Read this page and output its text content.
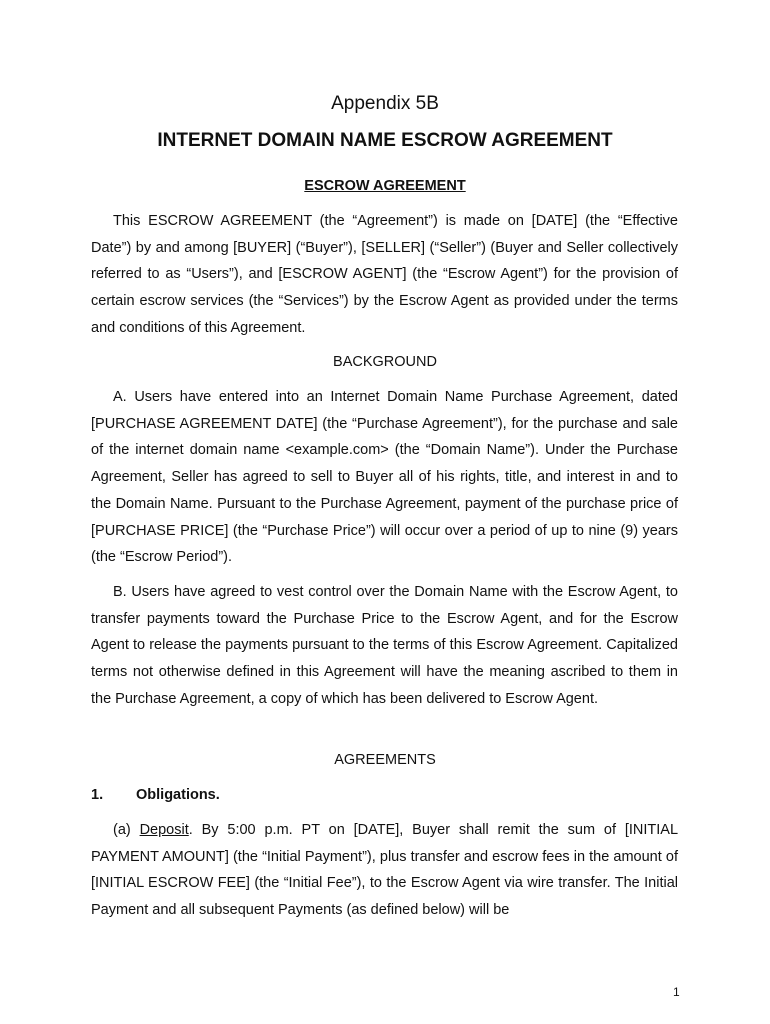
Appendix 5B
INTERNET DOMAIN NAME ESCROW AGREEMENT
ESCROW AGREEMENT

This ESCROW AGREEMENT (the “Agreement”) is made on [DATE] (the “Effective Date”) by and among [BUYER] (“Buyer”), [SELLER] (“Seller”) (Buyer and Seller collectively referred to as “Users”), and [ESCROW AGENT] (the “Escrow Agent”) for the provision of certain escrow services (the “Services”) by the Escrow Agent as provided under the terms and conditions of this Agreement.

BACKGROUND

A. Users have entered into an Internet Domain Name Purchase Agreement, dated [PURCHASE AGREEMENT DATE] (the “Purchase Agreement”), for the purchase and sale of the internet domain name <example.com> (the “Domain Name”). Under the Purchase Agreement, Seller has agreed to sell to Buyer all of his rights, title, and interest in and to the Domain Name. Pursuant to the Purchase Agreement, payment of the purchase price of [PURCHASE PRICE] (the “Purchase Price”) will occur over a period of up to nine (9) years (the “Escrow Period”).

B. Users have agreed to vest control over the Domain Name with the Escrow Agent, to transfer payments toward the Purchase Price to the Escrow Agent, and for the Escrow Agent to release the payments pursuant to the terms of this Escrow Agreement. Capitalized terms not otherwise defined in this Agreement will have the meaning ascribed to them in the Purchase Agreement, a copy of which has been delivered to Escrow Agent.

AGREEMENTS
1. Obligations.

(a) Deposit. By 5:00 p.m. PT on [DATE], Buyer shall remit the sum of [INITIAL PAYMENT AMOUNT] (the “Initial Payment”), plus transfer and escrow fees in the amount of [INITIAL ESCROW FEE] (the “Initial Fee”), to the Escrow Agent via wire transfer. The Initial Payment and all subsequent Payments (as defined below) will be

1
